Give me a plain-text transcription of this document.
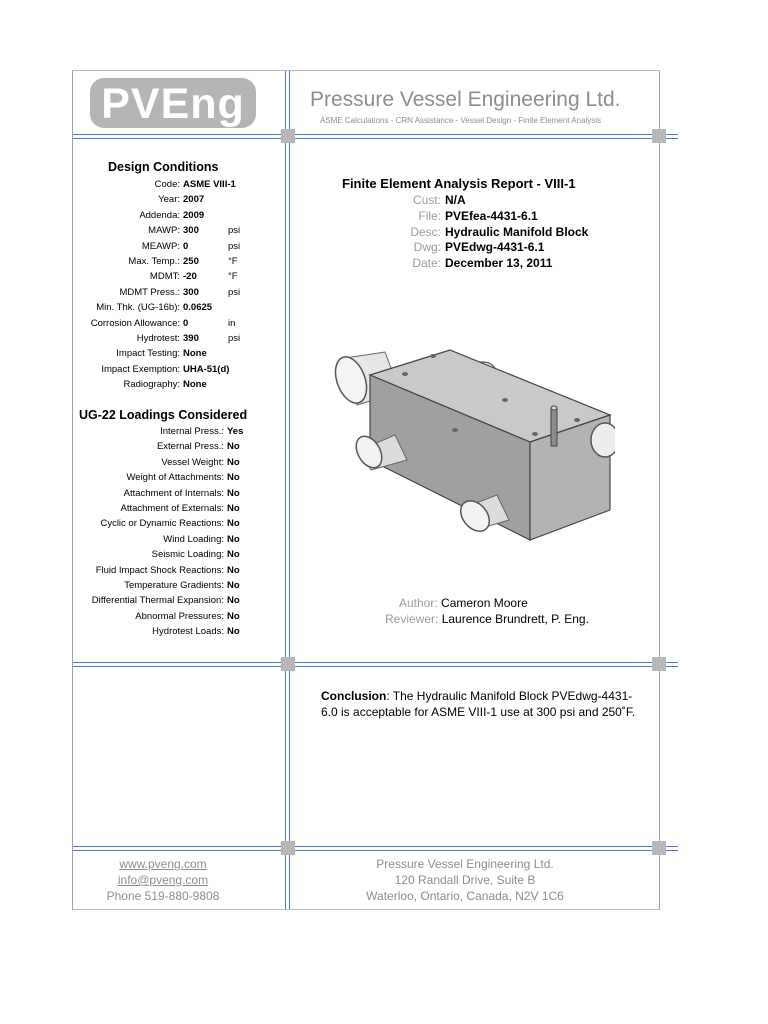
PVEng	Pressure Vessel Engineering Ltd.
ASME Calculations - CRN Assistance - Vessel Design - Finite Element Analysis
Design Conditions
Code: ASME VIII-1
Year: 2007
Addenda: 2009
MAWP: 300	psi
MEAWP: 0	psi
Max. Temp.: 250	°F
MDMT: -20	°F
MDMT Press.: 300	psi
Min. Thk. (UG-16b): 0.0625
Corrosion Allowance: 0	in
Hydrotest: 390	psi
Impact Testing: None
Impact Exemption: UHA-51(d)
Radiography: None
UG-22 Loadings Considered
Internal Press.: Yes
External Press.: No
Vessel Weight: No
Weight of Attachments: No
Attachment of Internals: No
Attachment of Externals: No
Cyclic or Dynamic Reactions: No
Wind Loading: No
Seismic Loading: No
Fluid Impact Shock Reactions: No
Temperature Gradients: No
Differential Thermal Expansion: No
Abnormal Pressures: No
Hydrotest Loads: No
Finite Element Analysis Report - VIII-1
Cust: N/A
File: PVEfea-4431-6.1
Desc: Hydraulic Manifold Block
Dwg: PVEdwg-4431-6.1
Date: December 13, 2011
Author: Cameron Moore
Reviewer: Laurence Brundrett, P. Eng.
Conclusion: The Hydraulic Manifold Block PVEdwg-4431-6.0 is acceptable for ASME VIII-1 use at 300 psi and 250˚F.
www.pveng.com
info@pveng.com
Phone 519-880-9808
Pressure Vessel Engineering Ltd.
120 Randall Drive, Suite B
Waterloo, Ontario, Canada, N2V 1C6
